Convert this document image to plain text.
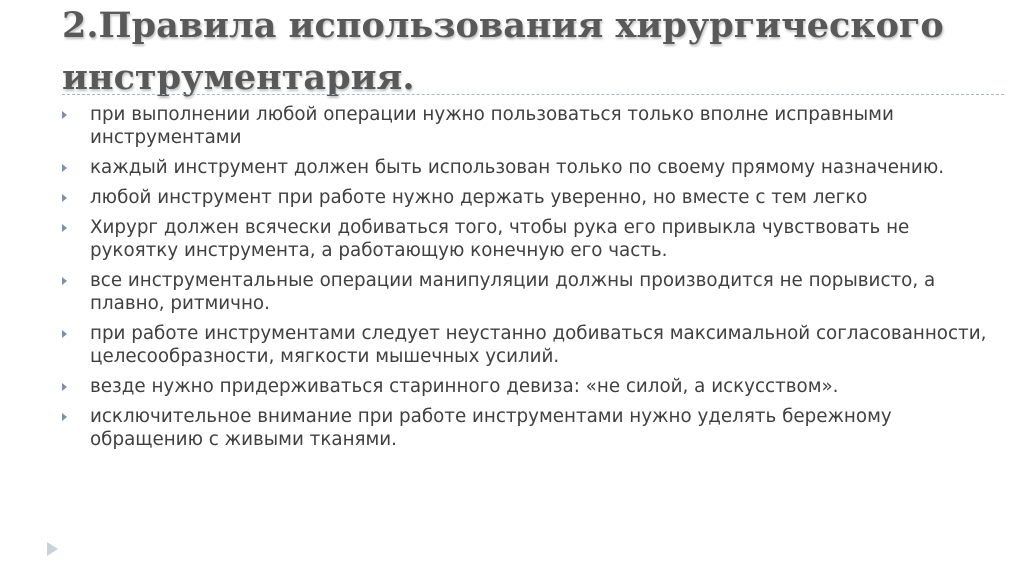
2.Правила использования хирургического инструментария.
при выполнении любой операции нужно пользоваться только вполне исправными инструментами
каждый инструмент должен быть использован только по своему прямому назначению.
любой инструмент при работе нужно держать уверенно, но вместе с тем легко
Хирург должен всячески добиваться того, чтобы рука его привыкла чувствовать не рукоятку инструмента, а работающую конечную его часть.
все инструментальные операции манипуляции должны производится не порывисто, а плавно, ритмично.
при работе инструментами следует неустанно добиваться максимальной согласованности, целесообразности, мягкости мышечных усилий.
везде нужно придерживаться старинного девиза: «не силой, а искусством».
исключительное внимание при работе инструментами нужно уделять бережному обращению с живыми тканями.
